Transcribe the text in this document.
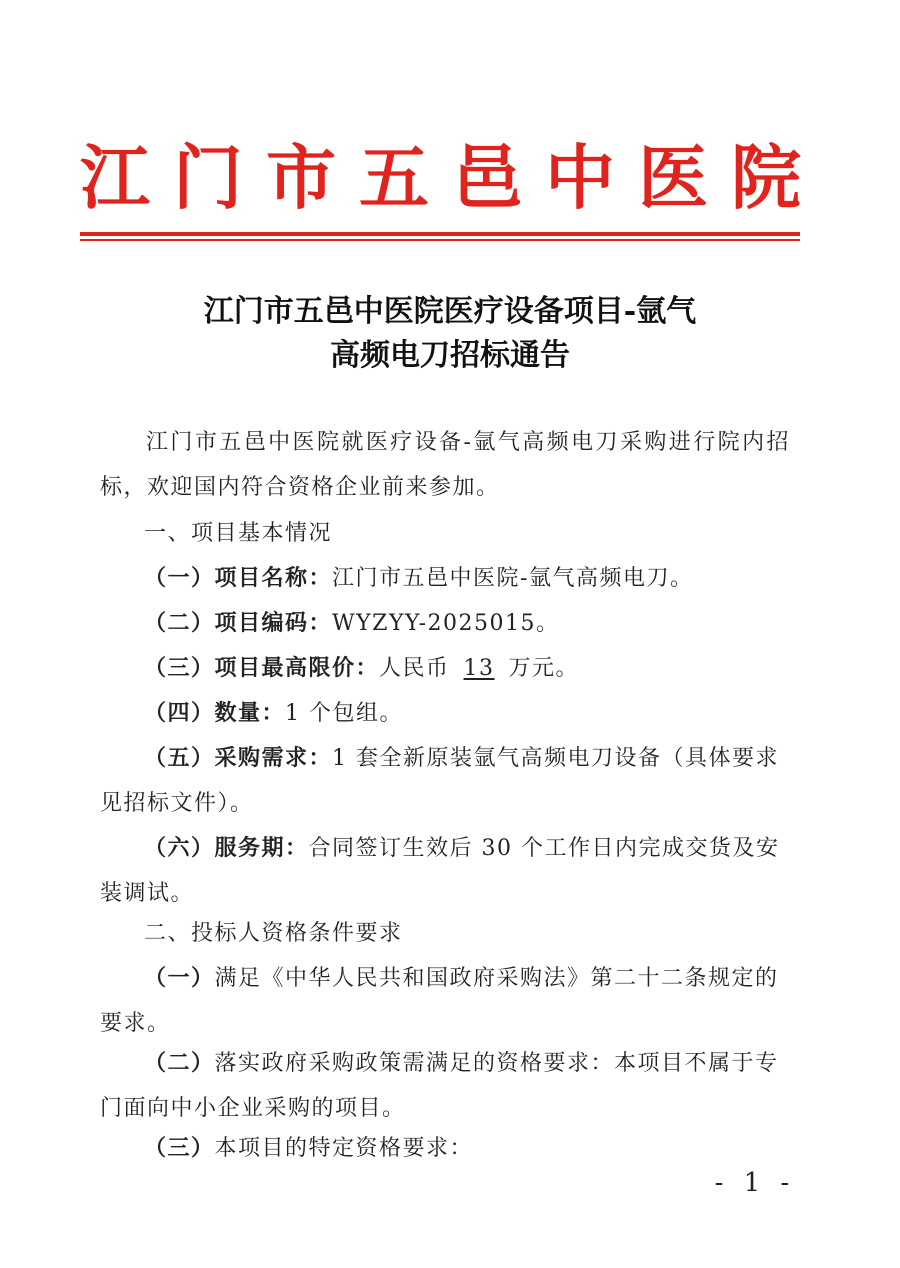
江门市五邑中医院
江门市五邑中医院医疗设备项目-氩气
高频电刀招标通告
江门市五邑中医院就医疗设备-氩气高频电刀采购进行院内招标，欢迎国内符合资格企业前来参加。
一、项目基本情况
（一）项目名称：江门市五邑中医院-氩气高频电刀。
（二）项目编码：WYZYY-2025015。
（三）项目最高限价：人民币 13 万元。
（四）数量：1 个包组。
（五）采购需求：1 套全新原装氩气高频电刀设备（具体要求见招标文件）。
（六）服务期：合同签订生效后 30 个工作日内完成交货及安装调试。
二、投标人资格条件要求
（一）满足《中华人民共和国政府采购法》第二十二条规定的要求。
（二）落实政府采购政策需满足的资格要求：本项目不属于专门面向中小企业采购的项目。
（三）本项目的特定资格要求：
- 1 -
